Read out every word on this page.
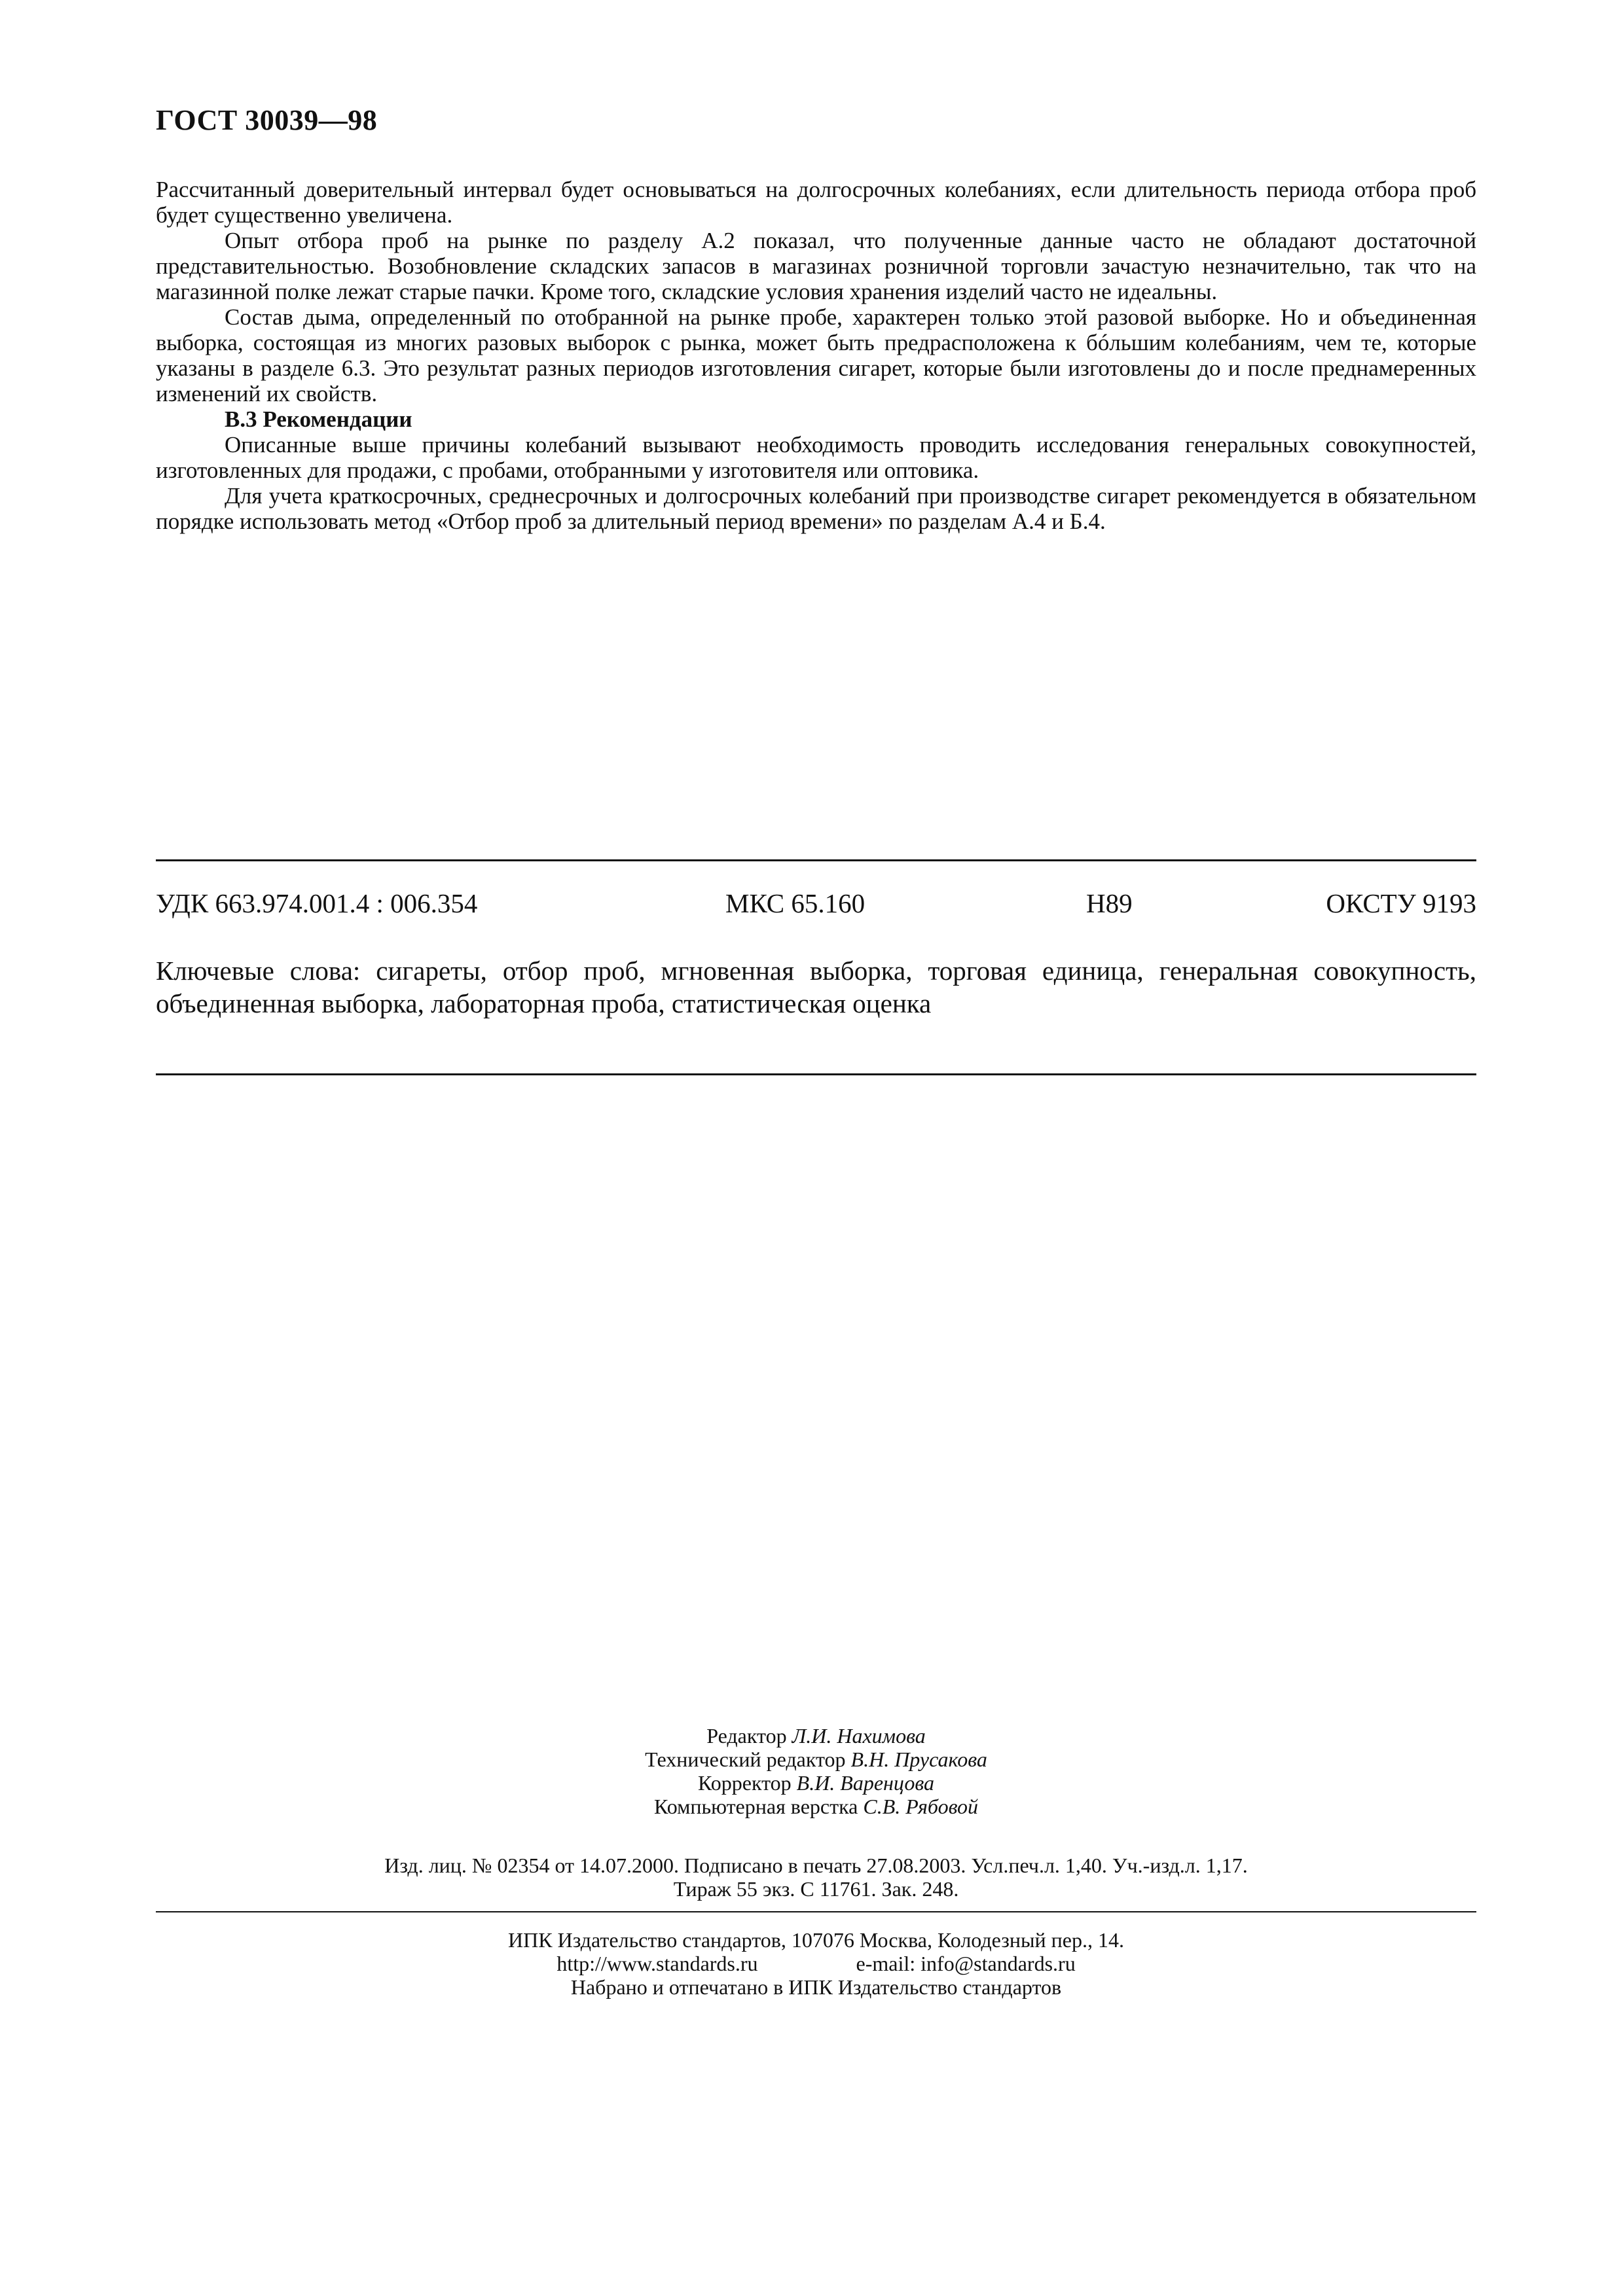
ГОСТ 30039—98

Рассчитанный доверительный интервал будет основываться на долгосрочных колебаниях, если длительность периода отбора проб будет существенно увеличена.

Опыт отбора проб на рынке по разделу А.2 показал, что полученные данные часто не обладают достаточной представительностью. Возобновление складских запасов в магазинах розничной торговли зачастую незначительно, так что на магазинной полке лежат старые пачки. Кроме того, складские условия хранения изделий часто не идеальны.

Состав дыма, определенный по отобранной на рынке пробе, характерен только этой разовой выборке. Но и объединенная выборка, состоящая из многих разовых выборок с рынка, может быть предрасположена к бóльшим колебаниям, чем те, которые указаны в разделе 6.3. Это результат разных периодов изготовления сигарет, которые были изготовлены до и после преднамеренных изменений их свойств.

В.3 Рекомендации

Описанные выше причины колебаний вызывают необходимость проводить исследования генеральных совокупностей, изготовленных для продажи, с пробами, отобранными у изготовителя или оптовика.

Для учета краткосрочных, среднесрочных и долгосрочных колебаний при производстве сигарет рекомендуется в обязательном порядке использовать метод «Отбор проб за длительный период времени» по разделам А.4 и Б.4.

УДК 663.974.001.4 : 006.354	МКС 65.160	Н89	ОКСТУ 9193
Ключевые слова: сигареты, отбор проб, мгновенная выборка, торговая единица, генеральная совокупность, объединенная выборка, лабораторная проба, статистическая оценка
Редактор Л.И. Нахимова
Технический редактор В.Н. Прусакова
Корректор В.И. Варенцова
Компьютерная верстка С.В. Рябовой
Изд. лиц. № 02354 от 14.07.2000. Подписано в печать 27.08.2003. Усл.печ.л. 1,40. Уч.-изд.л. 1,17.
Тираж 55 экз. С 11761. Зак. 248.
ИПК Издательство стандартов, 107076 Москва, Колодезный пер., 14.
http://www.standards.ru	e-mail: info@standards.ru
Набрано и отпечатано в ИПК Издательство стандартов
